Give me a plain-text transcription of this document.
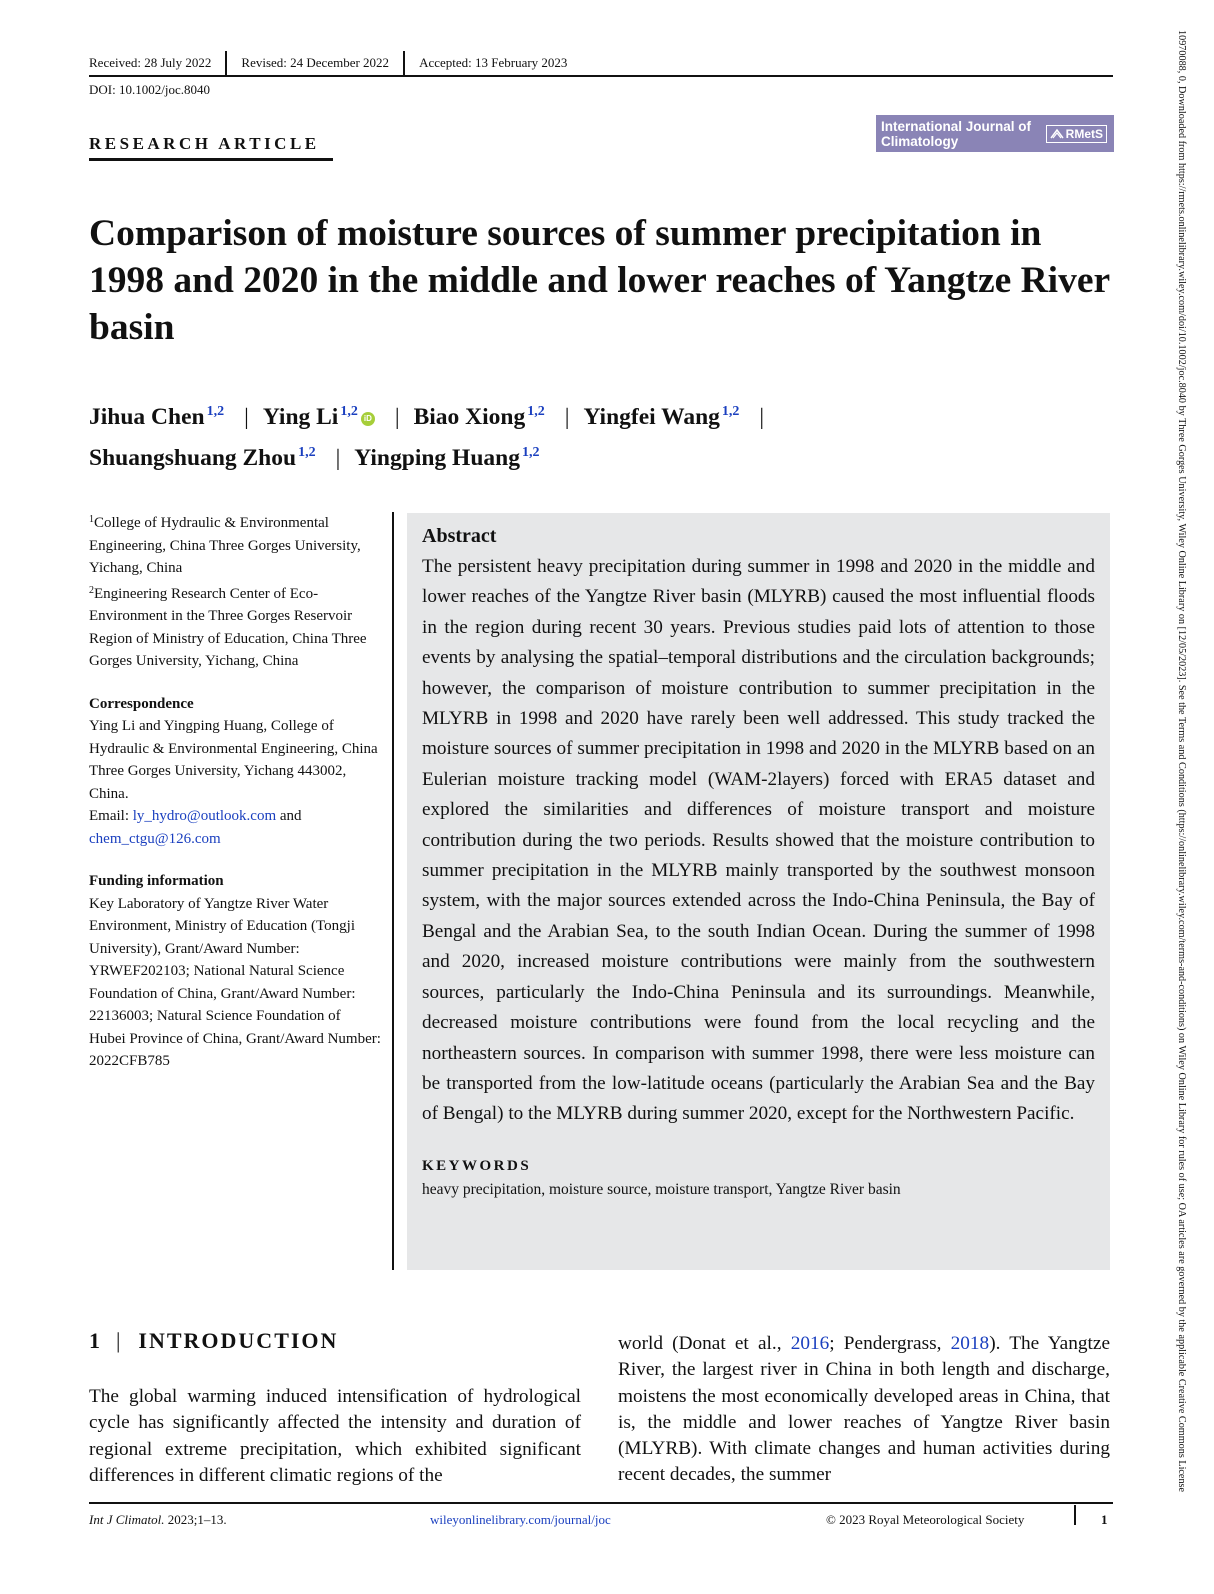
Received: 28 July 2022 Revised: 24 December 2022 Accepted: 13 February 2023
DOI: 10.1002/joc.8040
RESEARCH ARTICLE
International Journal of Climatology	RMetS
Comparison of moisture sources of summer precipitation in 1998 and 2020 in the middle and lower reaches of Yangtze River basin
Jihua Chen $^{1,2}$ | Ying Li $^{1,2}$ iD | Biao Xiong $^{1,2}$ | Yingfei Wang $^{1,2}$ |
Shuangshuang Zhou $^{1,2}$ | Yingping Huang $^{1,2}$

$^1$College of Hydraulic & Environmental Engineering, China Three Gorges University, Yichang, China

$^2$Engineering Research Center of Eco-Environment in the Three Gorges Reservoir Region of Ministry of Education, China Three Gorges University, Yichang, China

Correspondence

Ying Li and Yingping Huang, College of Hydraulic & Environmental Engineering, China Three Gorges University, Yichang 443002, China.
Email: ly_hydro@outlook.com and
chem_ctgu@126.com

Funding information

Key Laboratory of Yangtze River Water Environment, Ministry of Education (Tongji University), Grant/Award Number: YRWEF202103; National Natural Science Foundation of China, Grant/Award Number: 22136003; Natural Science Foundation of Hubei Province of China, Grant/Award Number: 2022CFB785

Abstract

The persistent heavy precipitation during summer in 1998 and 2020 in the middle and lower reaches of the Yangtze River basin (MLYRB) caused the most influential floods in the region during recent 30 years. Previous studies paid lots of attention to those events by analysing the spatial–temporal distributions and the circulation backgrounds; however, the comparison of moisture contribution to summer precipitation in the MLYRB in 1998 and 2020 have rarely been well addressed. This study tracked the moisture sources of summer precipitation in 1998 and 2020 in the MLYRB based on an Eulerian moisture tracking model (WAM-2layers) forced with ERA5 dataset and explored the similarities and differences of moisture transport and moisture contribution during the two periods. Results showed that the moisture contribution to summer precipitation in the MLYRB mainly transported by the southwest monsoon system, with the major sources extended across the Indo-China Peninsula, the Bay of Bengal and the Arabian Sea, to the south Indian Ocean. During the summer of 1998 and 2020, increased moisture contributions were mainly from the southwestern sources, particularly the Indo-China Peninsula and its surroundings. Meanwhile, decreased moisture contributions were found from the local recycling and the northeastern sources. In comparison with summer 1998, there were less moisture can be transported from the low-latitude oceans (particularly the Arabian Sea and the Bay of Bengal) to the MLYRB during summer 2020, except for the Northwestern Pacific.

KEYWORDS

heavy precipitation, moisture source, moisture transport, Yangtze River basin

1 | INTRODUCTION

The global warming induced intensification of hydrological cycle has significantly affected the intensity and duration of regional extreme precipitation, which exhibited significant differences in different climatic regions of the

world (Donat et al., 2016; Pendergrass, 2018). The Yangtze River, the largest river in China in both length and discharge, moistens the most economically developed areas in China, that is, the middle and lower reaches of Yangtze River basin (MLYRB). With climate changes and human activities during recent decades, the summer

Int J Climatol. 2023;1–13.	wileyonlinelibrary.com/journal/joc	© 2023 Royal Meteorological Society	1
10970088, 0, Downloaded from https://rmets.onlinelibrary.wiley.com/doi/10.1002/joc.8040 by Three Gorges University, Wiley Online Library on [12/05/2023]. See the Terms and Conditions (https://onlinelibrary.wiley.com/terms-and-conditions) on Wiley Online Library for rules of use; OA articles are governed by the applicable Creative Commons License
